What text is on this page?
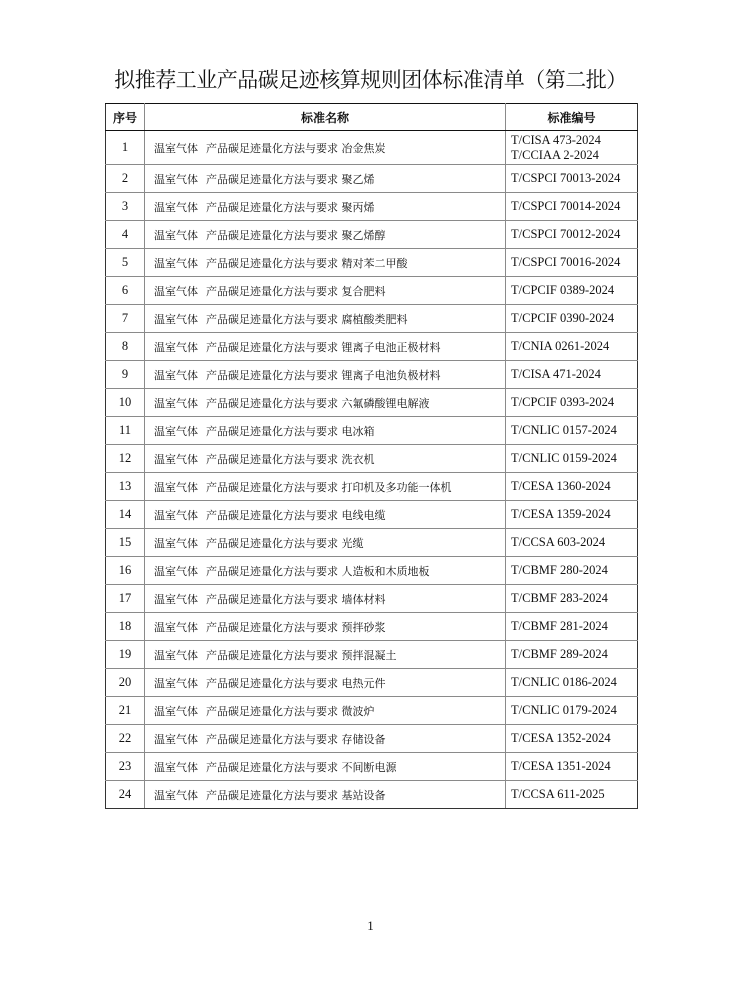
拟推荐工业产品碳足迹核算规则团体标准清单（第二批）
序号	标准名称	标准编号
1	温室气体 产品碳足迹量化方法与要求 冶金焦炭	T/CISA 473-2024
T/CCIAA 2-2024

2	温室气体 产品碳足迹量化方法与要求 聚乙烯	T/CSPCI 70013-2024

3	温室气体 产品碳足迹量化方法与要求 聚丙烯	T/CSPCI 70014-2024

4	温室气体 产品碳足迹量化方法与要求 聚乙烯醇	T/CSPCI 70012-2024

5	温室气体 产品碳足迹量化方法与要求 精对苯二甲酸	T/CSPCI 70016-2024

6	温室气体 产品碳足迹量化方法与要求 复合肥料	T/CPCIF 0389-2024

7	温室气体 产品碳足迹量化方法与要求 腐植酸类肥料	T/CPCIF 0390-2024

8	温室气体 产品碳足迹量化方法与要求 锂离子电池正极材料	T/CNIA 0261-2024

9	温室气体 产品碳足迹量化方法与要求 锂离子电池负极材料	T/CISA 471-2024

10	温室气体 产品碳足迹量化方法与要求 六氟磷酸锂电解液	T/CPCIF 0393-2024

11	温室气体 产品碳足迹量化方法与要求 电冰箱	T/CNLIC 0157-2024

12	温室气体 产品碳足迹量化方法与要求 洗衣机	T/CNLIC 0159-2024

13	温室气体 产品碳足迹量化方法与要求 打印机及多功能一体机	T/CESA 1360-2024

14	温室气体 产品碳足迹量化方法与要求 电线电缆	T/CESA 1359-2024

15	温室气体 产品碳足迹量化方法与要求 光缆	T/CCSA 603-2024

16	温室气体 产品碳足迹量化方法与要求 人造板和木质地板	T/CBMF 280-2024

17	温室气体 产品碳足迹量化方法与要求 墙体材料	T/CBMF 283-2024

18	温室气体 产品碳足迹量化方法与要求 预拌砂浆	T/CBMF 281-2024

19	温室气体 产品碳足迹量化方法与要求 预拌混凝土	T/CBMF 289-2024

20	温室气体 产品碳足迹量化方法与要求 电热元件	T/CNLIC 0186-2024

21	温室气体 产品碳足迹量化方法与要求 微波炉	T/CNLIC 0179-2024

22	温室气体 产品碳足迹量化方法与要求 存储设备	T/CESA 1352-2024

23	温室气体 产品碳足迹量化方法与要求 不间断电源	T/CESA 1351-2024

24	温室气体 产品碳足迹量化方法与要求 基站设备	T/CCSA 611-2025
1
